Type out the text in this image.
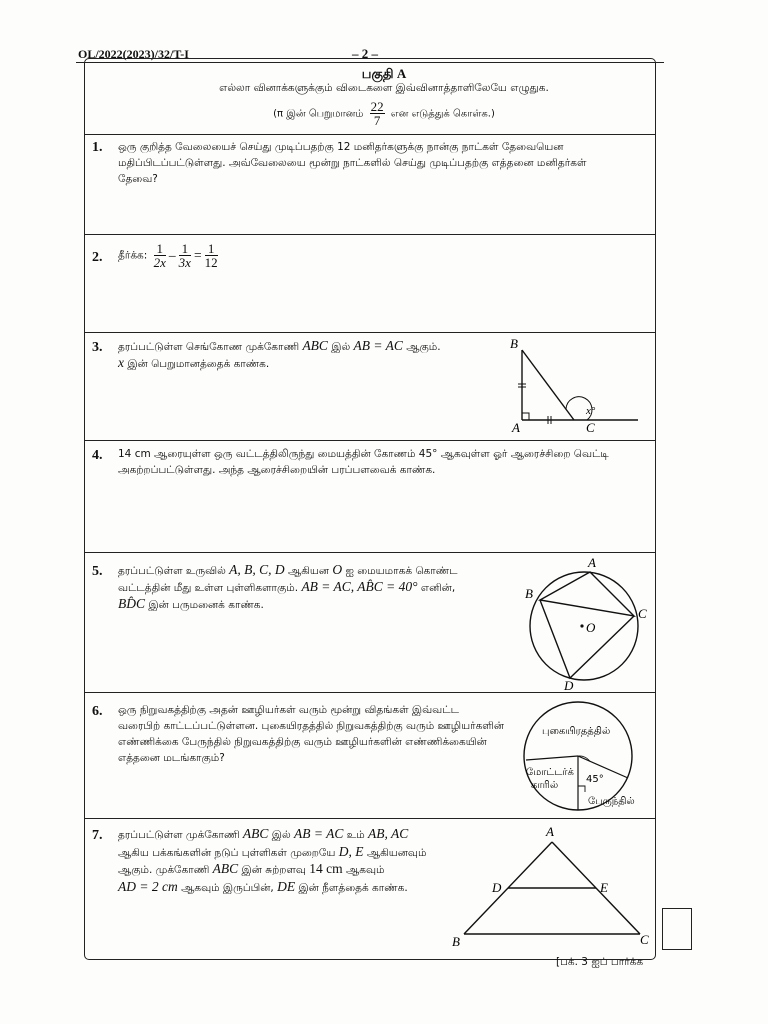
OL/2022(2023)/32/T-I	– 2 –
பகுதி A
எல்லா வினாக்களுக்கும் விடைகளை இவ்வினாத்தாளிலேயே எழுதுக.
(π இன் பெறுமானம் $\frac{22}{7}$ என எடுத்துக் கொள்க.)
1. ஒரு குறித்த வேலையைச் செய்து முடிப்பதற்கு 12 மனிதர்களுக்கு நான்கு நாட்கள் தேவையென
மதிப்பிடப்பட்டுள்ளது. அவ்வேலையை மூன்று நாட்களில் செய்து முடிப்பதற்கு எத்தனை மனிதர்கள்
தேவை?
2. தீர்க்க: $\frac{1}{2x} - \frac{1}{3x} = \frac{1}{12}$
3. தரப்பட்டுள்ள செங்கோண முக்கோணி ABC இல் AB = AC ஆகும்.
x இன் பெறுமானத்தைக் காண்க.
B
A	C
x°
4. 14 cm ஆரையுள்ள ஒரு வட்டத்திலிருந்து மையத்தின் கோணம் 45° ஆகவுள்ள ஓர் ஆரைச்சிறை வெட்டி
அகற்றப்பட்டுள்ளது. அந்த ஆரைச்சிறையின் பரப்பளவைக் காண்க.
5. தரப்பட்டுள்ள உருவில் A, B, C, D ஆகியன O ஐ மையமாகக் கொண்ட
வட்டத்தின் மீது உள்ள புள்ளிகளாகும். AB = AC, AB̂C = 40° எனின்,
BD̂C இன் பருமனைக் காண்க.
A
B
C
D
O
6. ஒரு நிறுவகத்திற்கு அதன் ஊழியர்கள் வரும் மூன்று விதங்கள் இவ்வட்ட
வரைபிற் காட்டப்பட்டுள்ளன. புகையிரதத்தில் நிறுவகத்திற்கு வரும் ஊழியர்களின்
எண்ணிக்கை பேருந்தில் நிறுவகத்திற்கு வரும் ஊழியர்களின் எண்ணிக்கையின்
எத்தனை மடங்காகும்?
புகையிரதத்தில்
மோட்டர்க்
காரில்
45°
பேருந்தில்
7. தரப்பட்டுள்ள முக்கோணி ABC இல் AB = AC உம் AB, AC
ஆகிய பக்கங்களின் நடுப் புள்ளிகள் முறையே D, E ஆகியனவும்
ஆகும். முக்கோணி ABC இன் சுற்றளவு 14 cm ஆகவும்
AD = 2 cm ஆகவும் இருப்பின், DE இன் நீளத்தைக் காண்க.
A
B	C
D	E
[பக். 3 ஐப் பார்க்க
